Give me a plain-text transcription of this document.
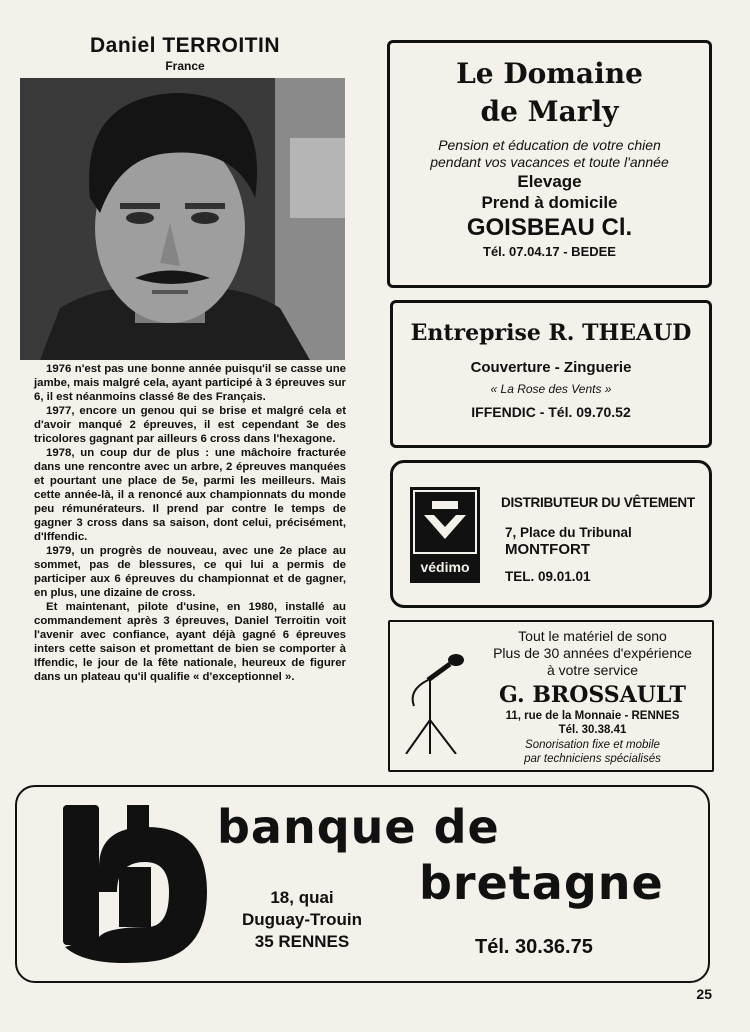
Daniel TERROITIN
France

1976 n'est pas une bonne année puisqu'il se casse une jambe, mais malgré cela, ayant participé à 3 épreuves sur 6, il est néanmoins classé 8e des Français.

1977, encore un genou qui se brise et malgré cela et d'avoir manqué 2 épreuves, il est cependant 3e des tricolores gagnant par ailleurs 6 cross dans l'hexagone.

1978, un coup dur de plus : une mâchoire fracturée dans une rencontre avec un arbre, 2 épreuves manquées et pourtant une place de 5e, parmi les meilleurs. Mais cette année-là, il a renoncé aux championnats du monde peu rémunérateurs. Il prend par contre le temps de gagner 3 cross dans sa saison, dont celui, précisément, d'Iffendic.

1979, un progrès de nouveau, avec une 2e place au sommet, pas de blessures, ce qui lui a permis de participer aux 6 épreuves du championnat et de gagner, en plus, une dizaine de cross.

Et maintenant, pilote d'usine, en 1980, installé au commandement après 3 épreuves, Daniel Terroitin voit l'avenir avec confiance, ayant déjà gagné 6 épreuves inters cette saison et promettant de bien se comporter à Iffendic, le jour de la fête nationale, heureux de figurer dans un plateau qu'il qualifie « d'exceptionnel ».

Le Domaine
de Marly
Pension et éducation de votre chien
pendant vos vacances et toute l'année
Elevage
Prend à domicile
GOISBEAU Cl.
Tél. 07.04.17 - BEDEE
Entreprise R. THEAUD
Couverture - Zinguerie
« La Rose des Vents »
IFFENDIC - Tél. 09.70.52
védimo
DISTRIBUTEUR DU VÊTEMENT
7, Place du Tribunal
MONTFORT
TEL. 09.01.01
Tout le matériel de sono
Plus de 30 années d'expérience
à votre service
G. BROSSAULT
11, rue de la Monnaie - RENNES
Tél. 30.38.41
Sonorisation fixe et mobile
par techniciens spécialisés
banque de
bretagne
18, quai
Duguay-Trouin
35 RENNES	Tél. 30.36.75
25
